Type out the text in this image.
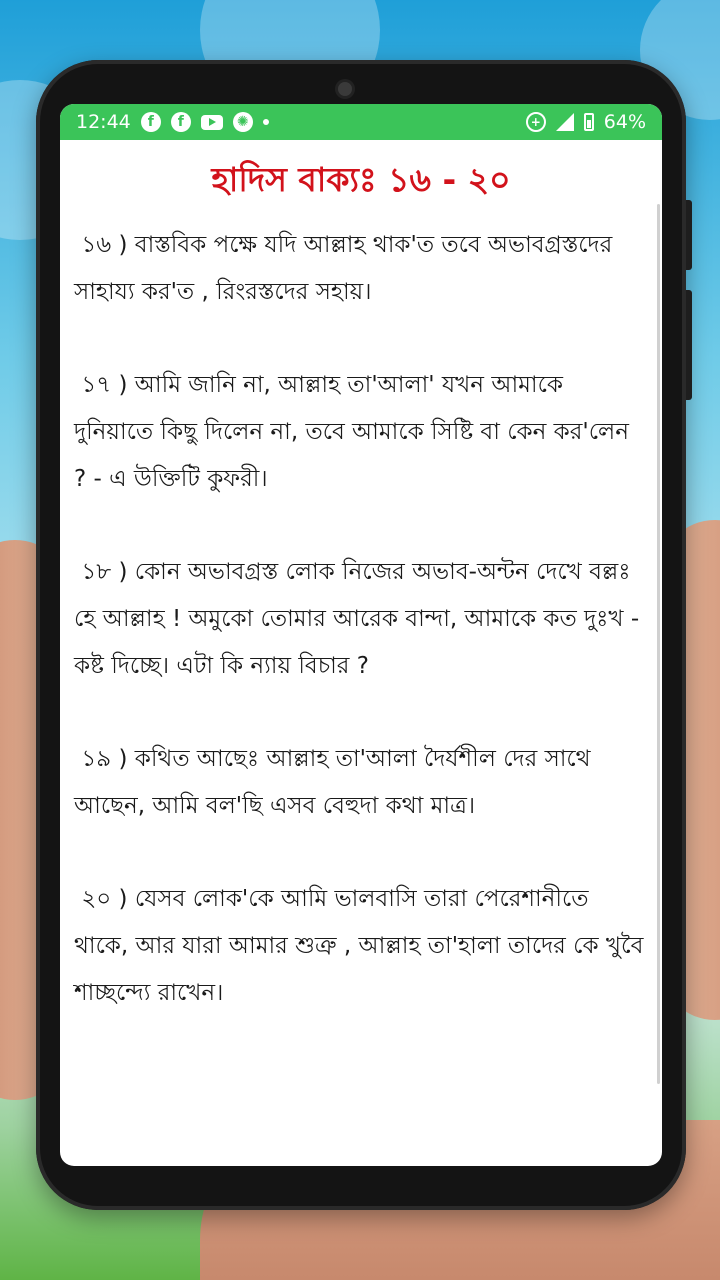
12:44	f	f	✺	+	64%
হাদিস বাক্যঃ ১৬ - ২০

১৬ ) বাস্তবিক পক্ষে যদি আল্লাহ থাক'ত তবে অভাবগ্রস্তদের সাহায্য কর'ত , রিংরস্তদের সহায়।

১৭ ) আমি জানি না, আল্লাহ তা'আলা' যখন আমাকে দুনিয়াতে কিছু দিলেন না, তবে আমাকে সিষ্টি বা কেন কর'লেন ? - এ উক্তিটি কুফরী।

১৮ ) কোন অভাবগ্রস্ত লোক নিজের অভাব-অন্টন দেখে বল্লঃ হে আল্লাহ ! অমুকো তোমার আরেক বান্দা, আমাকে কত দুঃখ - কষ্ট দিচ্ছে। এটা কি ন্যায় বিচার ?

১৯ ) কথিত আছেঃ আল্লাহ তা'আলা দৈর্যশীল দের সাথে আছেন, আমি বল'ছি এসব বেহুদা কথা মাত্র।

২০ ) যেসব লোক'কে আমি ভালবাসি তারা পেরেশানীতে থাকে, আর যারা আমার শুত্রু , আল্লাহ তা'হালা তাদের কে খুবৈ শাচ্ছন্দ্যে রাখেন।
